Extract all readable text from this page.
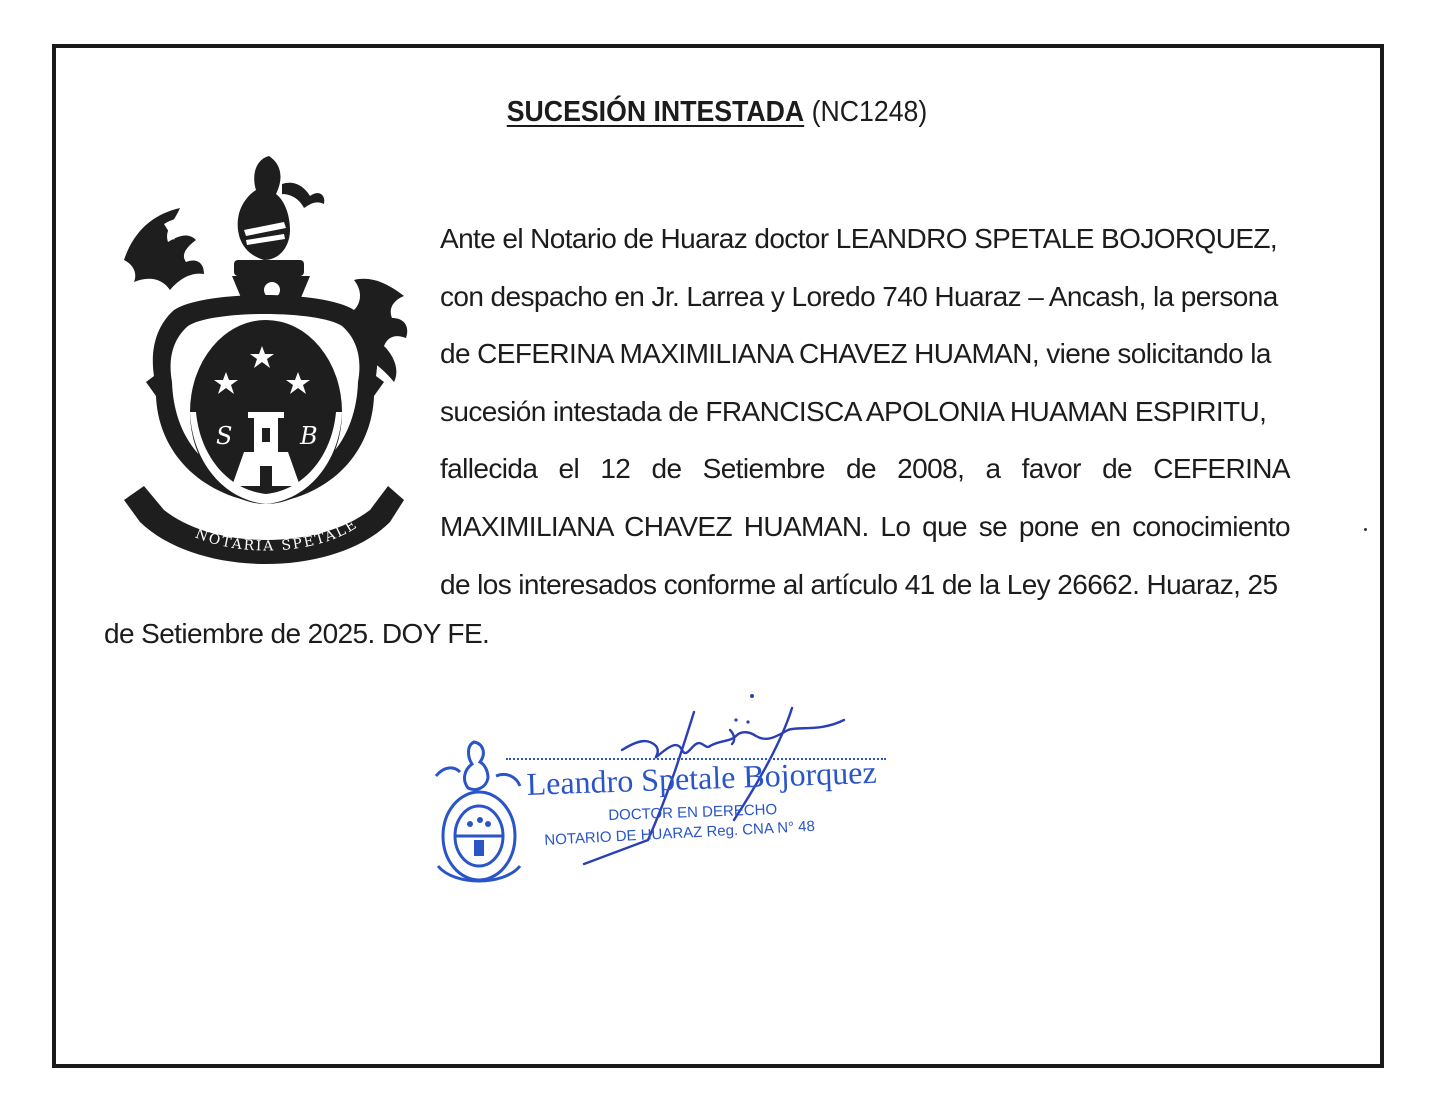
SUCESIÓN INTESTADA (NC1248)
S	B
NOTARIA SPETALE
Ante el Notario de Huaraz doctor LEANDRO SPETALE BOJORQUEZ,
con despacho en Jr. Larrea y Loredo 740 Huaraz – Ancash, la persona
de CEFERINA MAXIMILIANA CHAVEZ HUAMAN, viene solicitando la
sucesión intestada de FRANCISCA APOLONIA HUAMAN ESPIRITU,
fallecida el 12 de Setiembre de 2008, a favor de CEFERINA
MAXIMILIANA CHAVEZ HUAMAN. Lo que se pone en conocimiento
de los interesados conforme al artículo 41 de la Ley 26662. Huaraz, 25
de Setiembre de 2025. DOY FE.
Leandro Spetale Bojorquez
DOCTOR EN DERECHO
NOTARIO DE HUARAZ Reg. CNA N° 48
